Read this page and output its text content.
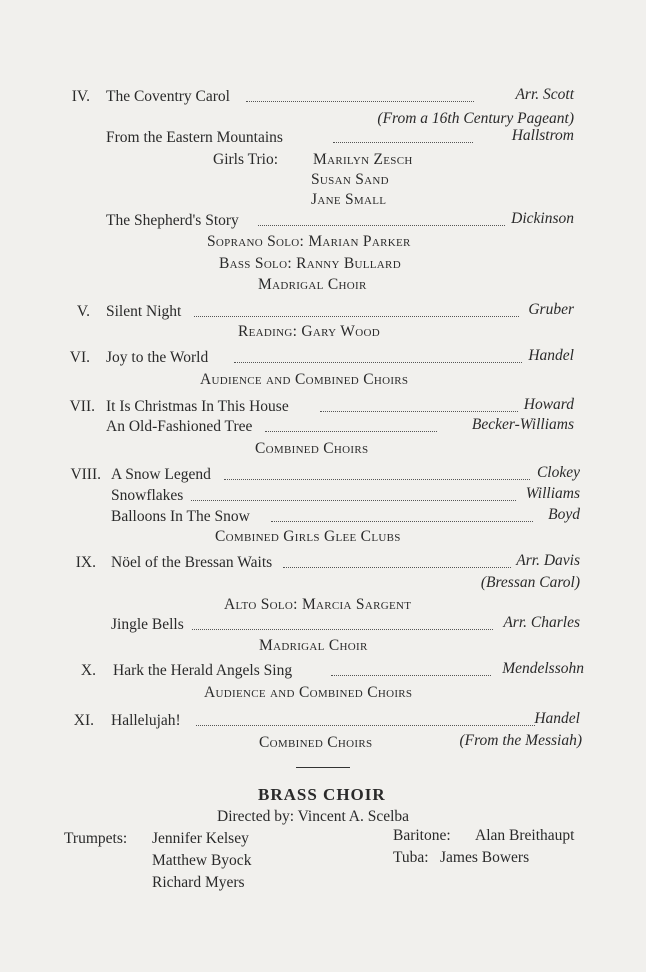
IV. The Coventry Carol	Arr. Scott
(From a 16th Century Pageant)
From the Eastern Mountains	Hallstrom
Girls Trio: Marilyn Zesch
Susan Sand
Jane Small
The Shepherd's Story	Dickinson
Soprano Solo: Marian Parker
Bass Solo: Ranny Bullard
Madrigal Choir
V. Silent Night	Gruber
Reading: Gary Wood
VI. Joy to the World	Handel
Audience and Combined Choirs
VII. It Is Christmas In This House	Howard
An Old-Fashioned Tree	Becker-Williams
Combined Choirs
VIII. A Snow Legend	Clokey
Snowflakes	Williams
Balloons In The Snow	Boyd
Combined Girls Glee Clubs
IX. Nöel of the Bressan Waits	Arr. Davis
(Bressan Carol)
Alto Solo: Marcia Sargent
Jingle Bells	Arr. Charles
Madrigal Choir
X. Hark the Herald Angels Sing	Mendelssohn
Audience and Combined Choirs
XI. Hallelujah!	Handel
Combined Choirs	(From the Messiah)
BRASS CHOIR
Directed by: Vincent A. Scelba
Trumpets: Jennifer Kelsey
Matthew Byock
Richard Myers
Baritone: Alan Breithaupt
Tuba: James Bowers
